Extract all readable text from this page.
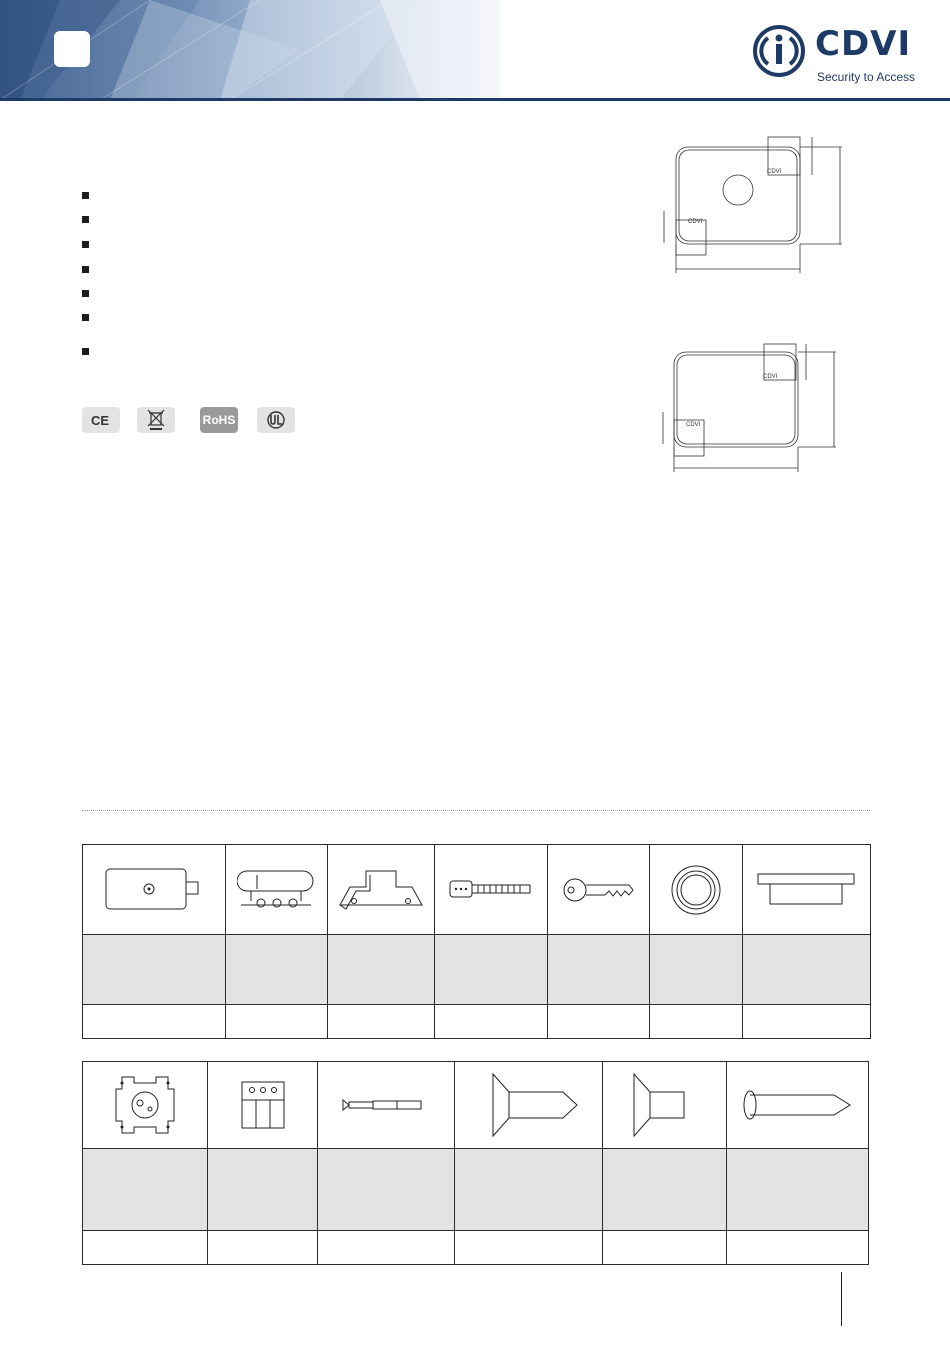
CDVI
Security to Access
CE	RoHS
CDVI
CDVI
CDVI
CDVI
